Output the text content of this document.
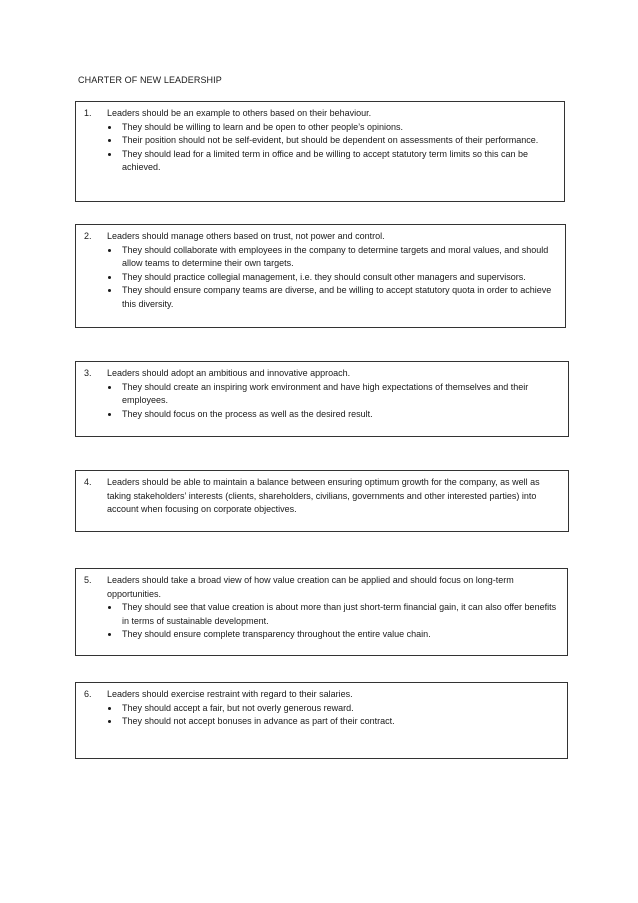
CHARTER OF NEW LEADERSHIP
1.	Leaders should be an example to others based on their behaviour.
They should be willing to learn and be open to other people’s opinions.
Their position should not be self-evident, but should be dependent on assessments of their performance.
They should lead for a limited term in office and be willing to accept statutory term limits so this can be achieved.
2.	Leaders should manage others based on trust, not power and control.
They should collaborate with employees in the company to determine targets and moral values, and should allow teams to determine their own targets.
They should practice collegial management, i.e. they should consult other managers and supervisors.
They should ensure company teams are diverse, and be willing to accept statutory quota in order to achieve this diversity.
3.	Leaders should adopt an ambitious and innovative approach.
They should create an inspiring work environment and have high expectations of themselves and their employees.
They should focus on the process as well as the desired result.
4.	Leaders should be able to maintain a balance between ensuring optimum growth for the company, as well as taking stakeholders’ interests (clients, shareholders, civilians, governments and other interested parties) into account when focusing on corporate objectives.
5.	Leaders should take a broad view of how value creation can be applied and should focus on long-term opportunities.
They should see that value creation is about more than just short-term financial gain, it can also offer benefits in terms of sustainable development.
They should ensure complete transparency throughout the entire value chain.
6.	Leaders should exercise restraint with regard to their salaries.
They should accept a fair, but not overly generous reward.
They should not accept bonuses in advance as part of their contract.
